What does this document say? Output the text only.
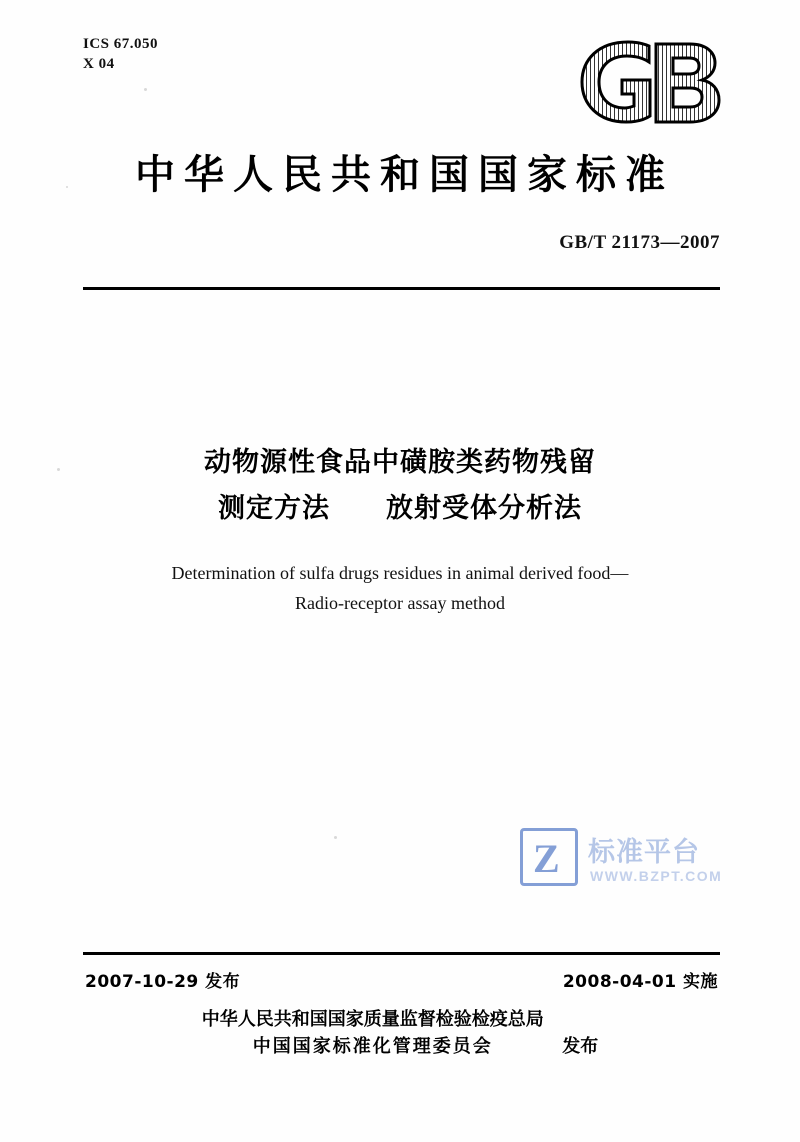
ICS 67.050
X 04
中华人民共和国国家标准
GB/T 21173—2007
动物源性食品中磺胺类药物残留
测定方法　　放射受体分析法
Determination of sulfa drugs residues in animal derived food—
Radio-receptor assay method
Z 标准平台
WWW.BZPT.COM
2007-10-29 发布	2008-04-01 实施
中华人民共和国国家质量监督检验检疫总局
中国国家标准化管理委员会	发布
